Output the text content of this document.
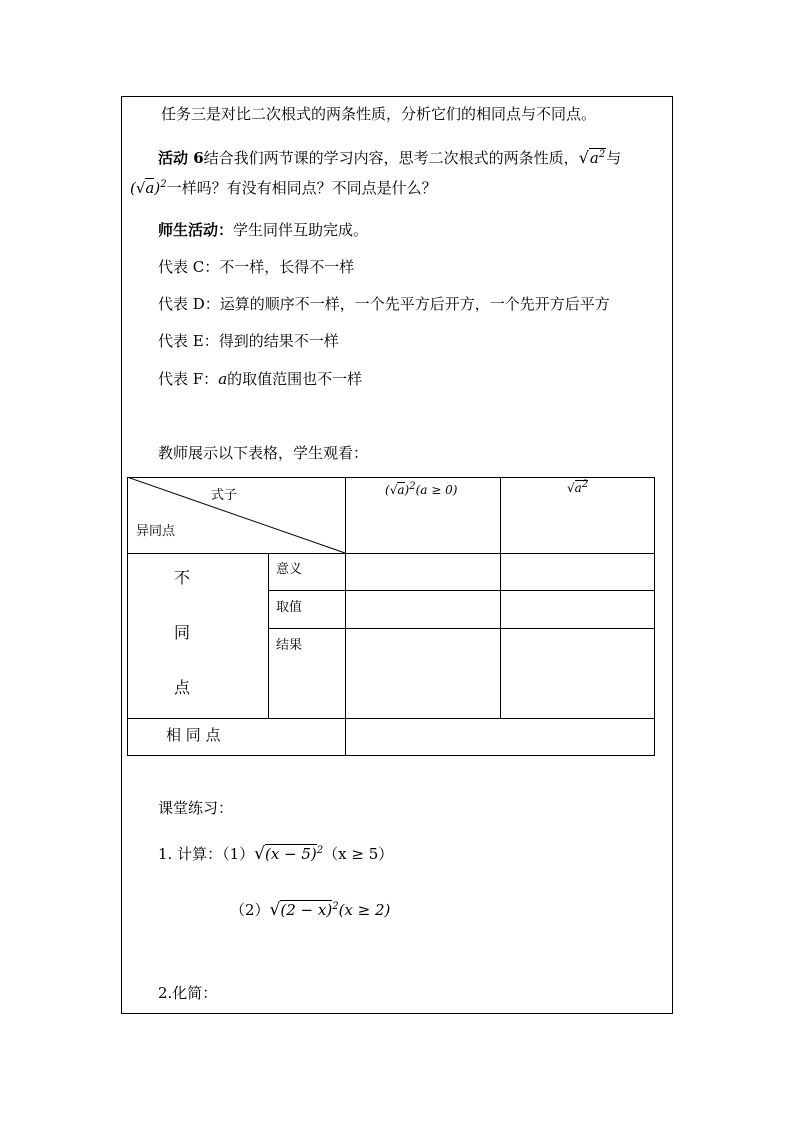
任务三是对比二次根式的两条性质，分析它们的相同点与不同点。
活动 6结合我们两节课的学习内容，思考二次根式的两条性质，$√a^2$与
$(√a)^2$一样吗？有没有相同点？不同点是什么？
师生活动：学生同伴互助完成。
代表 C：不一样，长得不一样
代表 D：运算的顺序不一样，一个先平方后开方，一个先开方后平方
代表 E：得到的结果不一样
代表 F：a的取值范围也不一样
教师展示以下表格，学生观看：
式子
异同点
$(√a)^2(a \ge 0)$	$√a^2$
不
同
点
意义
取值
结果
相 同 点
课堂练习：
1. 计算：$(1)√(x - 5)^2(x \ge 5)$
$(2)√(2 - x)^2(x \ge 2)$
2.化简：
